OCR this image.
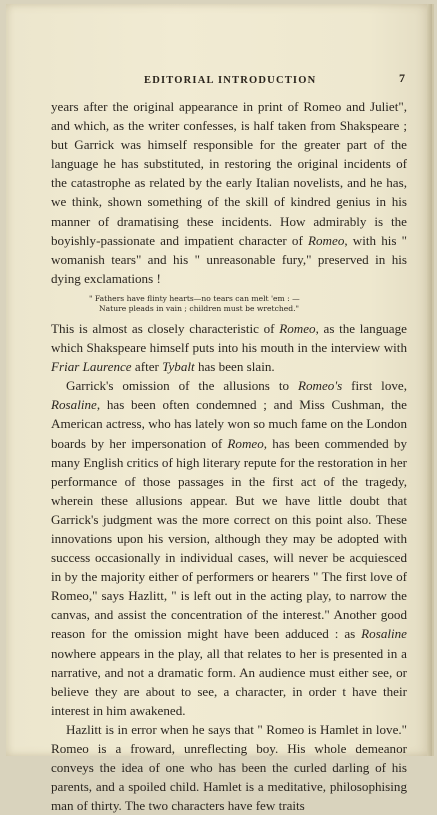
EDITORIAL INTRODUCTION	7

years after the original appearance in print of Romeo and Juliet", and which, as the writer confesses, is half taken from Shakspeare ; but Garrick was himself responsible for the greater part of the language he has substituted, in restoring the original incidents of the catastrophe as related by the early Italian novelists, and he has, we think, shown something of the skill of kindred genius in his manner of dramatising these incidents. How admirably is the boyishly-passionate and impatient character of Romeo, with his " womanish tears" and his " unreasonable fury," preserved in his dying exclamations !

" Fathers have flinty hearts—no tears can melt 'em : —
Nature pleads in vain ; children must be wretched."

This is almost as closely characteristic of Romeo, as the language which Shakspeare himself puts into his mouth in the interview with Friar Laurence after Tybalt has been slain.

Garrick's omission of the allusions to Romeo's first love, Rosaline, has been often condemned ; and Miss Cushman, the American actress, who has lately won so much fame on the London boards by her impersonation of Romeo, has been commended by many English critics of high literary repute for the restoration in her performance of those passages in the first act of the tragedy, wherein these allusions appear. But we have little doubt that Garrick's judgment was the more correct on this point also. These innovations upon his version, although they may be adopted with success occasionally in individual cases, will never be acquiesced in by the majority either of performers or hearers " The first love of Romeo," says Hazlitt, " is left out in the acting play, to narrow the canvas, and assist the concentration of the interest." Another good reason for the omission might have been adduced : as Rosaline nowhere appears in the play, all that relates to her is presented in a narrative, and not a dramatic form. An audience must either see, or believe they are about to see, a character, in order t have their interest in him awakened.

Hazlitt is in error when he says that " Romeo is Hamlet in love." Romeo is a froward, unreflecting boy. His whole demeanor conveys the idea of one who has been the curled darling of his parents, and a spoiled child. Hamlet is a meditative, philosophising man of thirty. The two characters have few traits
